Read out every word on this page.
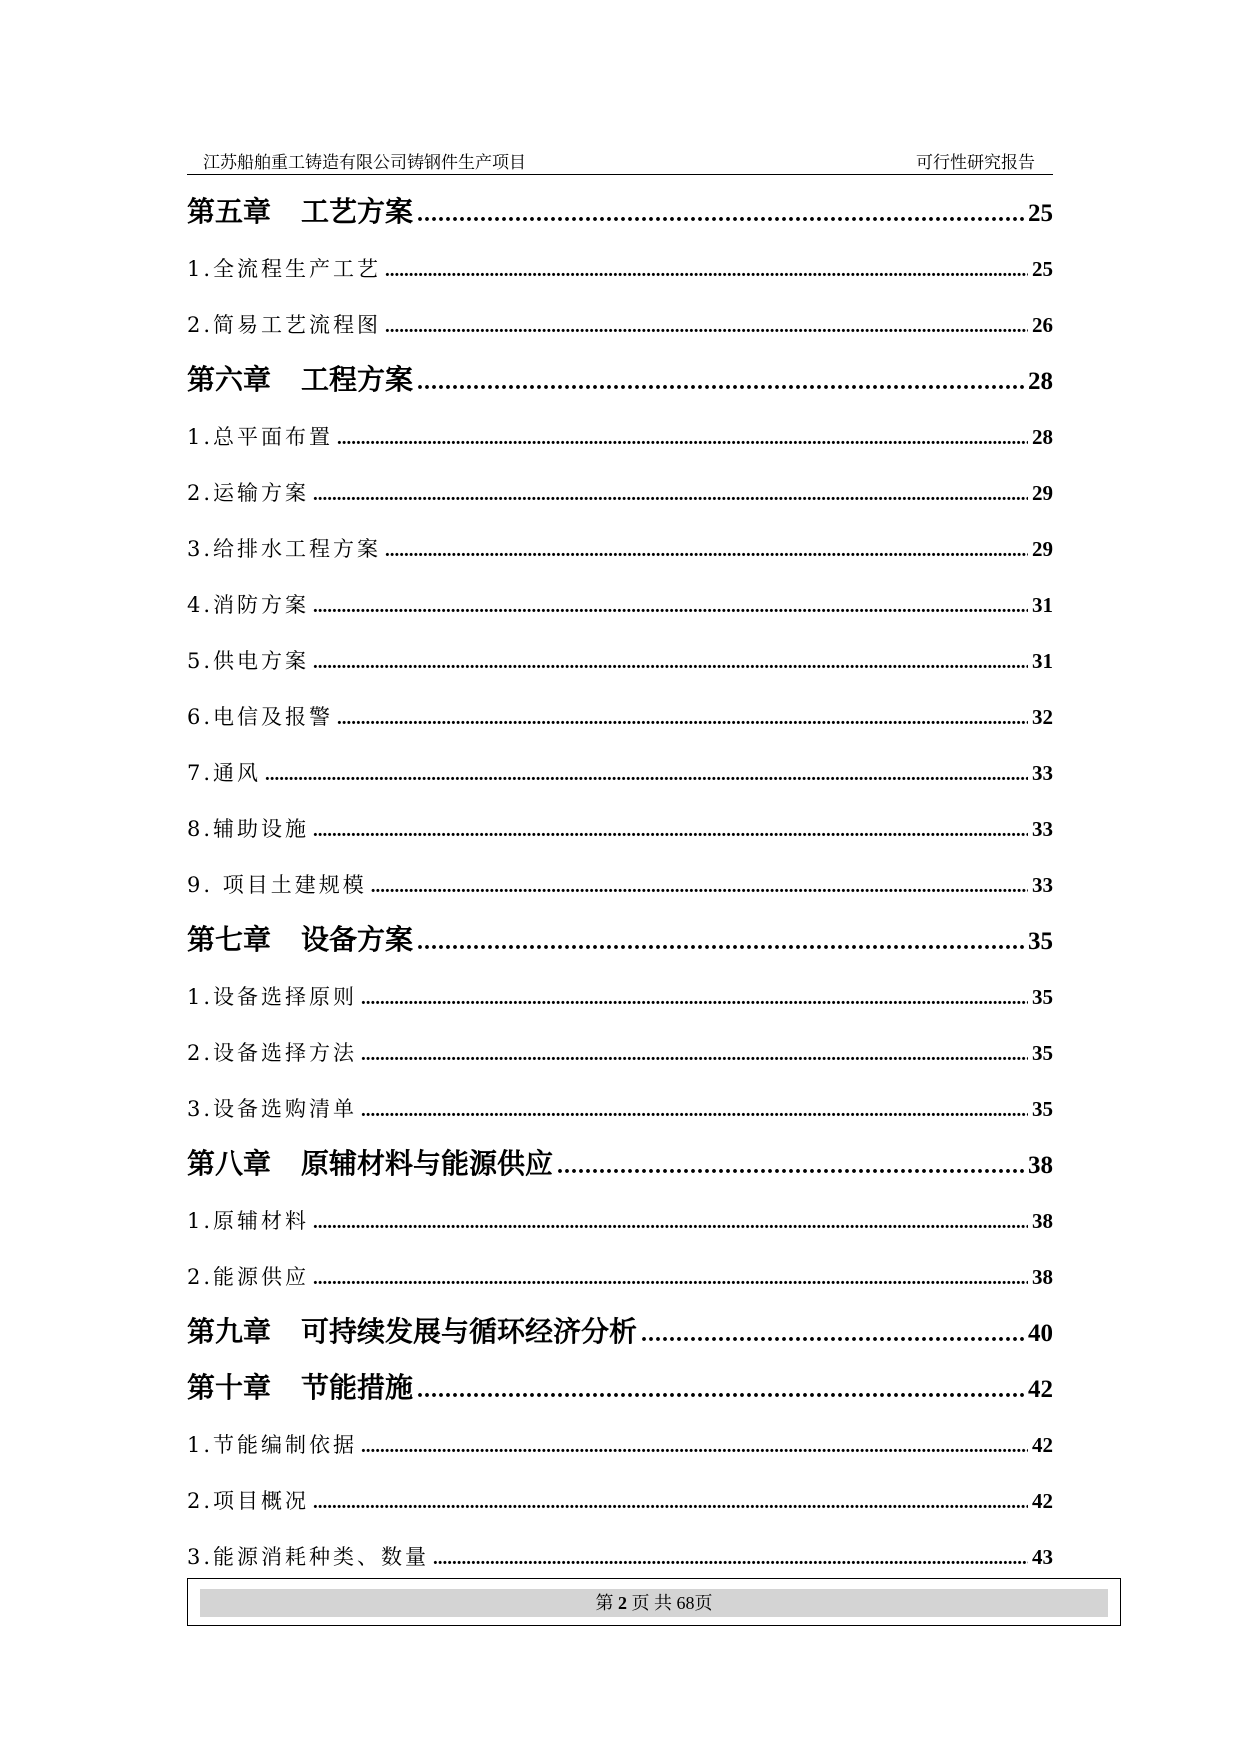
江苏船舶重工铸造有限公司铸钢件生产项目	可行性研究报告
第五章 工艺方案 .....	25
1. 全流程生产工艺 .....	25
2. 简易工艺流程图 .....	26
第六章 工程方案 .....	28
1. 总平面布置 .....	28
2. 运输方案 .....	29
3. 给排水工程方案 .....	29
4. 消防方案 .....	31
5. 供电方案 .....	31
6. 电信及报警 .....	32
7. 通风 .....	33
8. 辅助设施 .....	33
9. 项目土建规模 .....	33
第七章 设备方案 .....	35
1. 设备选择原则 .....	35
2. 设备选择方法 .....	35
3. 设备选购清单 .....	35
第八章 原辅材料与能源供应 .....	38
1. 原辅材料 .....	38
2. 能源供应 .....	38
第九章 可持续发展与循环经济分析 .....	40
第十章 节能措施 .....	42
1. 节能编制依据 .....	42
2. 项目概况 .....	42
3. 能源消耗种类、数量 .....	43
第 2 页 共 68页
